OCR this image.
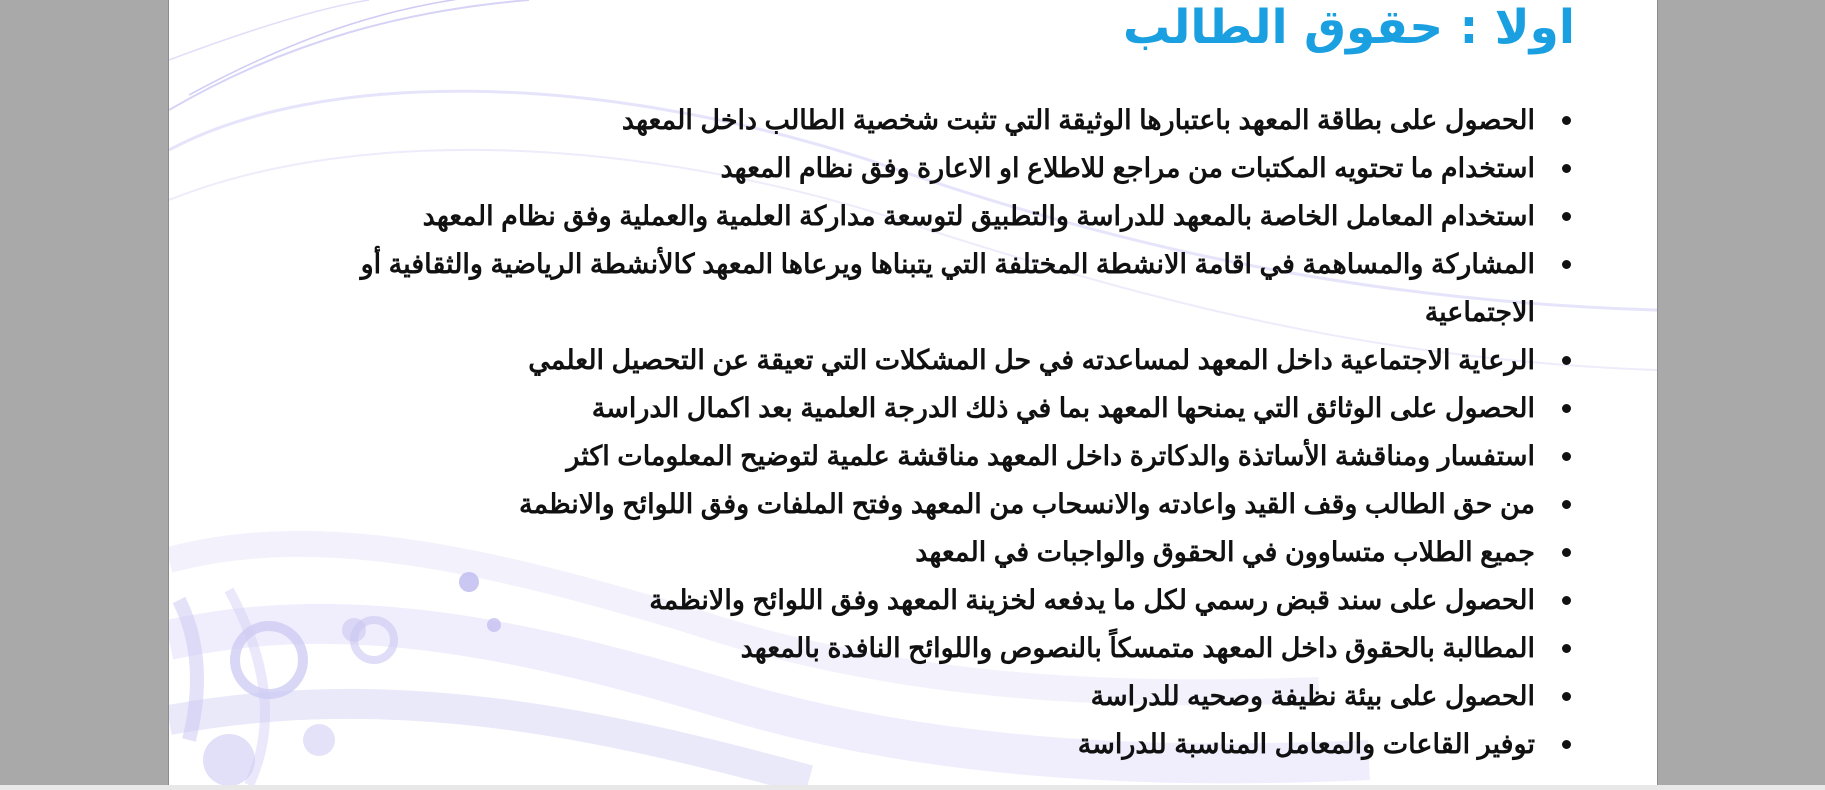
اولا : حقوق الطالب
الحصول على بطاقة المعهد باعتبارها الوثيقة التي تثبت شخصية الطالب داخل المعهد
استخدام ما تحتويه المكتبات من مراجع للاطلاع او الاعارة وفق نظام المعهد
استخدام المعامل الخاصة بالمعهد للدراسة والتطبيق لتوسعة مداركة العلمية والعملية وفق نظام المعهد
المشاركة والمساهمة في اقامة الانشطة المختلفة التي يتبناها ويرعاها المعهد كالأنشطة الرياضية والثقافية أو الاجتماعية
الرعاية الاجتماعية داخل المعهد لمساعدته في حل المشكلات التي تعيقة عن التحصيل العلمي
الحصول على الوثائق التي يمنحها المعهد بما في ذلك الدرجة العلمية بعد اكمال الدراسة
استفسار ومناقشة الأساتذة والدكاترة داخل المعهد مناقشة علمية لتوضيح المعلومات اكثر
من حق الطالب وقف القيد واعادته والانسحاب من المعهد وفتح الملفات وفق اللوائح والانظمة
جميع الطلاب متساوون في الحقوق والواجبات في المعهد
الحصول على سند قبض رسمي لكل ما يدفعه لخزينة المعهد وفق اللوائح والانظمة
المطالبة بالحقوق داخل المعهد متمسكاً بالنصوص واللوائح النافدة بالمعهد
الحصول على بيئة نظيفة وصحيه للدراسة
توفير القاعات والمعامل المناسبة للدراسة
